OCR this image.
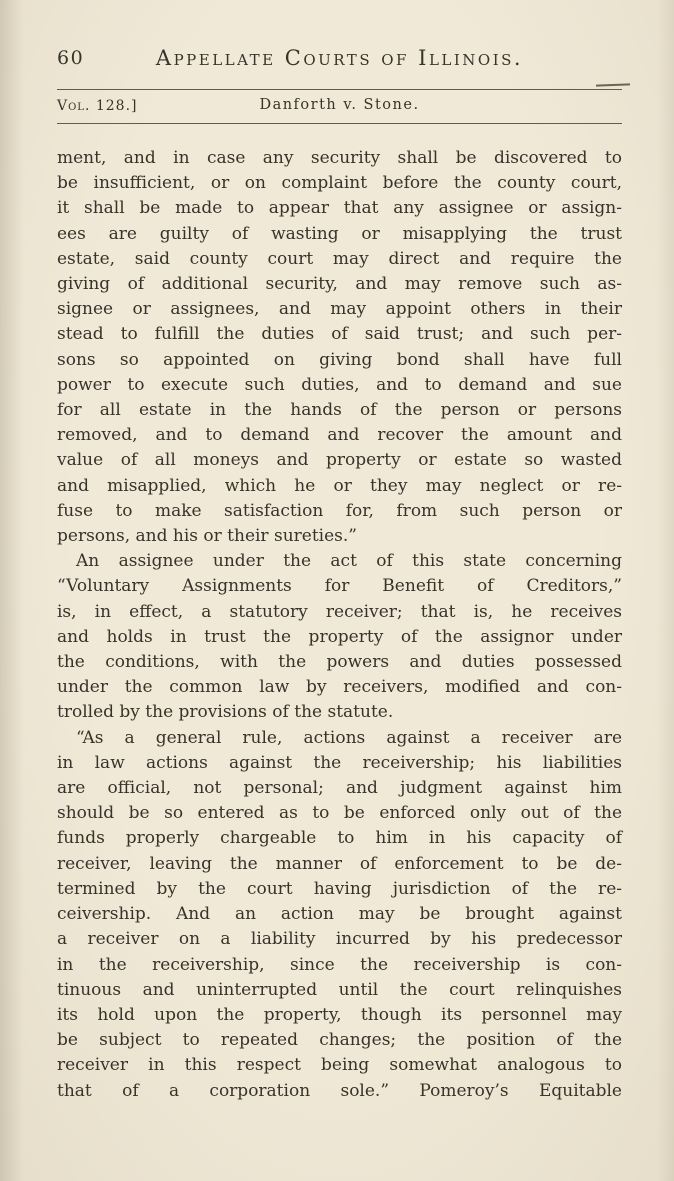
60	Appellate Courts of Illinois.
Vol. 128.]	Danforth v. Stone.
ment, and in case any security shall be discovered to
be insufficient, or on complaint before the county court,
it shall be made to appear that any assignee or assign-
ees are guilty of wasting or misapplying the trust
estate, said county court may direct and require the
giving of additional security, and may remove such as-
signee or assignees, and may appoint others in their
stead to fulfill the duties of said trust; and such per-
sons so appointed on giving bond shall have full
power to execute such duties, and to demand and sue
for all estate in the hands of the person or persons
removed, and to demand and recover the amount and
value of all moneys and property or estate so wasted
and misapplied, which he or they may neglect or re-
fuse to make satisfaction for, from such person or
persons, and his or their sureties.”
An assignee under the act of this state concerning
“Voluntary Assignments for Benefit of Creditors,”
is, in effect, a statutory receiver; that is, he receives
and holds in trust the property of the assignor under
the conditions, with the powers and duties possessed
under the common law by receivers, modified and con-
trolled by the provisions of the statute.
“As a general rule, actions against a receiver are
in law actions against the receivership; his liabilities
are official, not personal; and judgment against him
should be so entered as to be enforced only out of the
funds properly chargeable to him in his capacity of
receiver, leaving the manner of enforcement to be de-
termined by the court having jurisdiction of the re-
ceivership. And an action may be brought against
a receiver on a liability incurred by his predecessor
in the receivership, since the receivership is con-
tinuous and uninterrupted until the court relinquishes
its hold upon the property, though its personnel may
be subject to repeated changes; the position of the
receiver in this respect being somewhat analogous to
that of a corporation sole.” Pomeroy’s Equitable
